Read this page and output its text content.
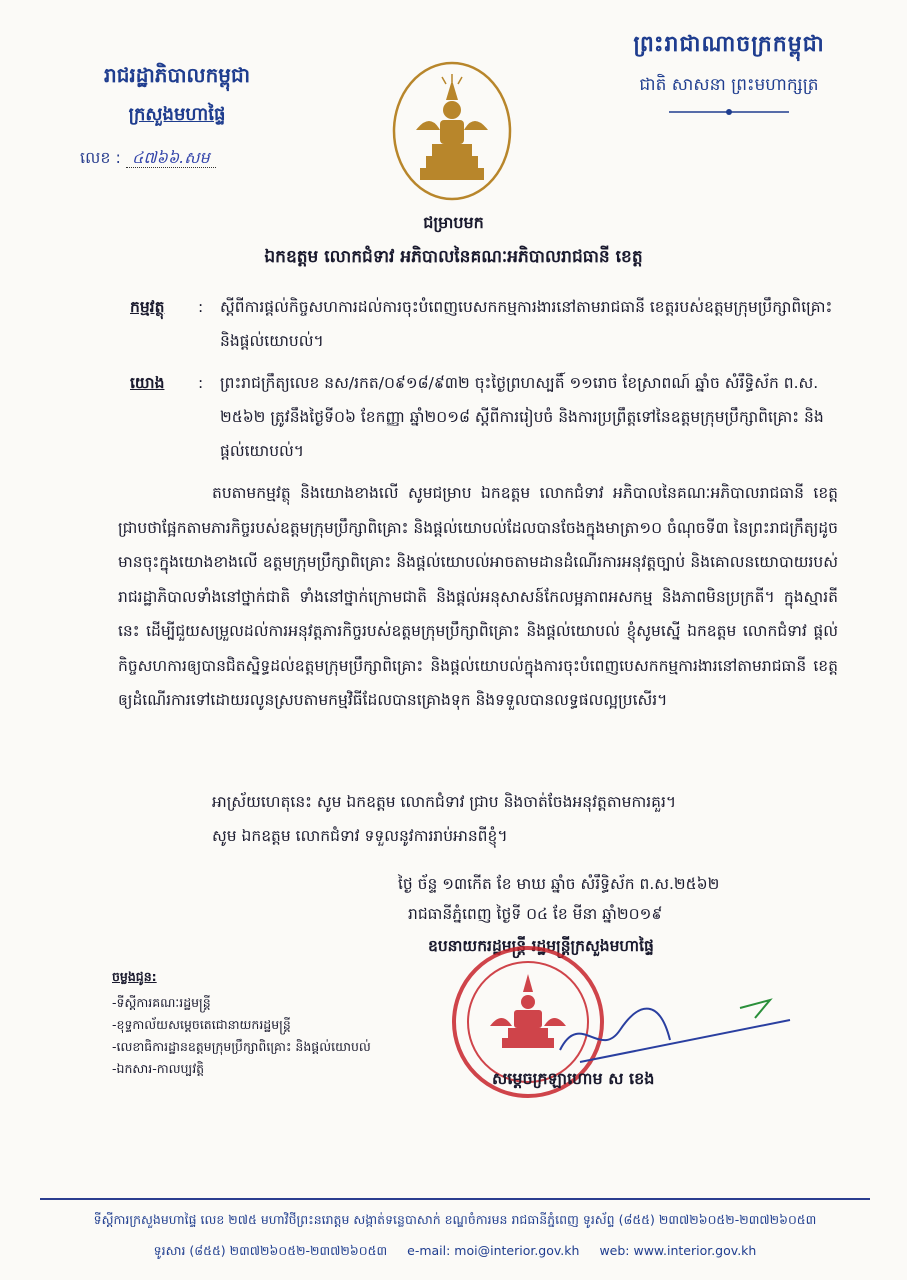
ព្រះរាជាណាចក្រកម្ពុជា
ជាតិ សាសនា ព្រះមហាក្សត្រ
រាជរដ្ឋាភិបាលកម្ពុជា
ក្រសួងមហាផ្ទៃ
លេខ : ៤៧៦៦.សម
ជម្រាបមក
ឯកឧត្តម លោកជំទាវ អភិបាលនៃគណៈអភិបាលរាជធានី ខេត្ត
កម្មវត្ថុ : ស្តីពីការផ្តល់កិច្ចសហការដល់ការចុះបំពេញបេសកកម្មការងារនៅតាមរាជធានី ខេត្តរបស់ឧត្តមក្រុមប្រឹក្សាពិគ្រោះ និងផ្តល់យោបល់។
យោង : ព្រះរាជក្រឹត្យលេខ នស/រកត/០៩១៨/៩៣២ ចុះថ្ងៃព្រហស្បតិ៍ ១១រោច ខែស្រាពណ៍ ឆ្នាំច សំរឹទ្ធិស័ក ព.ស. ២៥៦២ ត្រូវនឹងថ្ងៃទី០៦ ខែកញ្ញា ឆ្នាំ២០១៨ ស្តីពីការរៀបចំ និងការប្រព្រឹត្តទៅនៃឧត្តមក្រុមប្រឹក្សាពិគ្រោះ និងផ្តល់យោបល់។
តបតាមកម្មវត្ថុ និងយោងខាងលើ សូមជម្រាប ឯកឧត្តម លោកជំទាវ អភិបាលនៃគណៈអភិបាលរាជធានី ខេត្ត ជ្រាបថាផ្អែកតាមភារកិច្ចរបស់ឧត្តមក្រុមប្រឹក្សាពិគ្រោះ និងផ្តល់យោបល់ដែលបានចែងក្នុងមាត្រា១០ ចំណុចទី៣ នៃព្រះរាជក្រឹត្យដូចមានចុះក្នុងយោងខាងលើ ឧត្តមក្រុមប្រឹក្សាពិគ្រោះ និងផ្តល់យោបល់អាចតាមដានដំណើរការអនុវត្តច្បាប់ និងគោលនយោបាយរបស់រាជរដ្ឋាភិបាលទាំងនៅថ្នាក់ជាតិ ទាំងនៅថ្នាក់ក្រោមជាតិ និងផ្តល់អនុសាសន៍កែលម្អភាពអសកម្ម និងភាពមិនប្រក្រតី។ ក្នុងស្មារតីនេះ ដើម្បីជួយសម្រួលដល់ការអនុវត្តភារកិច្ចរបស់ឧត្តមក្រុមប្រឹក្សាពិគ្រោះ និងផ្តល់យោបល់ ខ្ញុំសូមស្នើ ឯកឧត្តម លោកជំទាវ ផ្តល់កិច្ចសហការឲ្យបានជិតស្និទ្ធដល់ឧត្តមក្រុមប្រឹក្សាពិគ្រោះ និងផ្តល់យោបល់ក្នុងការចុះបំពេញបេសកកម្មការងារនៅតាមរាជធានី ខេត្ត ឲ្យដំណើរការទៅដោយរលូនស្របតាមកម្មវិធីដែលបានគ្រោងទុក និងទទួលបានលទ្ធផលល្អប្រសើរ។
អាស្រ័យហេតុនេះ សូម ឯកឧត្តម លោកជំទាវ ជ្រាប និងចាត់ចែងអនុវត្តតាមការគួរ។
សូម ឯកឧត្តម លោកជំទាវ ទទួលនូវការរាប់អានពីខ្ញុំ។
ថ្ងៃ ច័ន្ទ ១៣កើត ខែ មាឃ ឆ្នាំច សំរឹទ្ធិស័ក ព.ស.២៥៦២
រាជធានីភ្នំពេញ ថ្ងៃទី ០៤ ខែ មីនា ឆ្នាំ២០១៩
ឧបនាយករដ្ឋមន្ត្រី រដ្ឋមន្ត្រីក្រសួងមហាផ្ទៃ
ចម្លងជូន:
-ទីស្តីការគណៈរដ្ឋមន្ត្រី
-ខុទ្ទកាល័យសម្តេចតេជោនាយករដ្ឋមន្ត្រី
-លេខាធិការដ្ឋានឧត្តមក្រុមប្រឹក្សាពិគ្រោះ និងផ្តល់យោបល់
-ឯកសារ-កាលប្បវត្តិ
សម្តេចក្រឡាហោម ស ខេង
ទីស្តីការក្រសួងមហាផ្ទៃ លេខ ២៧៥ មហាវិថីព្រះនរោត្តម សង្កាត់ទន្លេបាសាក់ ខណ្ឌចំការមន រាជធានីភ្នំពេញ ទូរស័ព្ទ (៨៥៥) ២៣៧២៦០៥២-២៣៧២៦០៥៣
ទូរសារ (៨៥៥) ២៣៧២៦០៥២-២៣៧២៦០៥៣ e-mail: moi@interior.gov.kh web: www.interior.gov.kh
